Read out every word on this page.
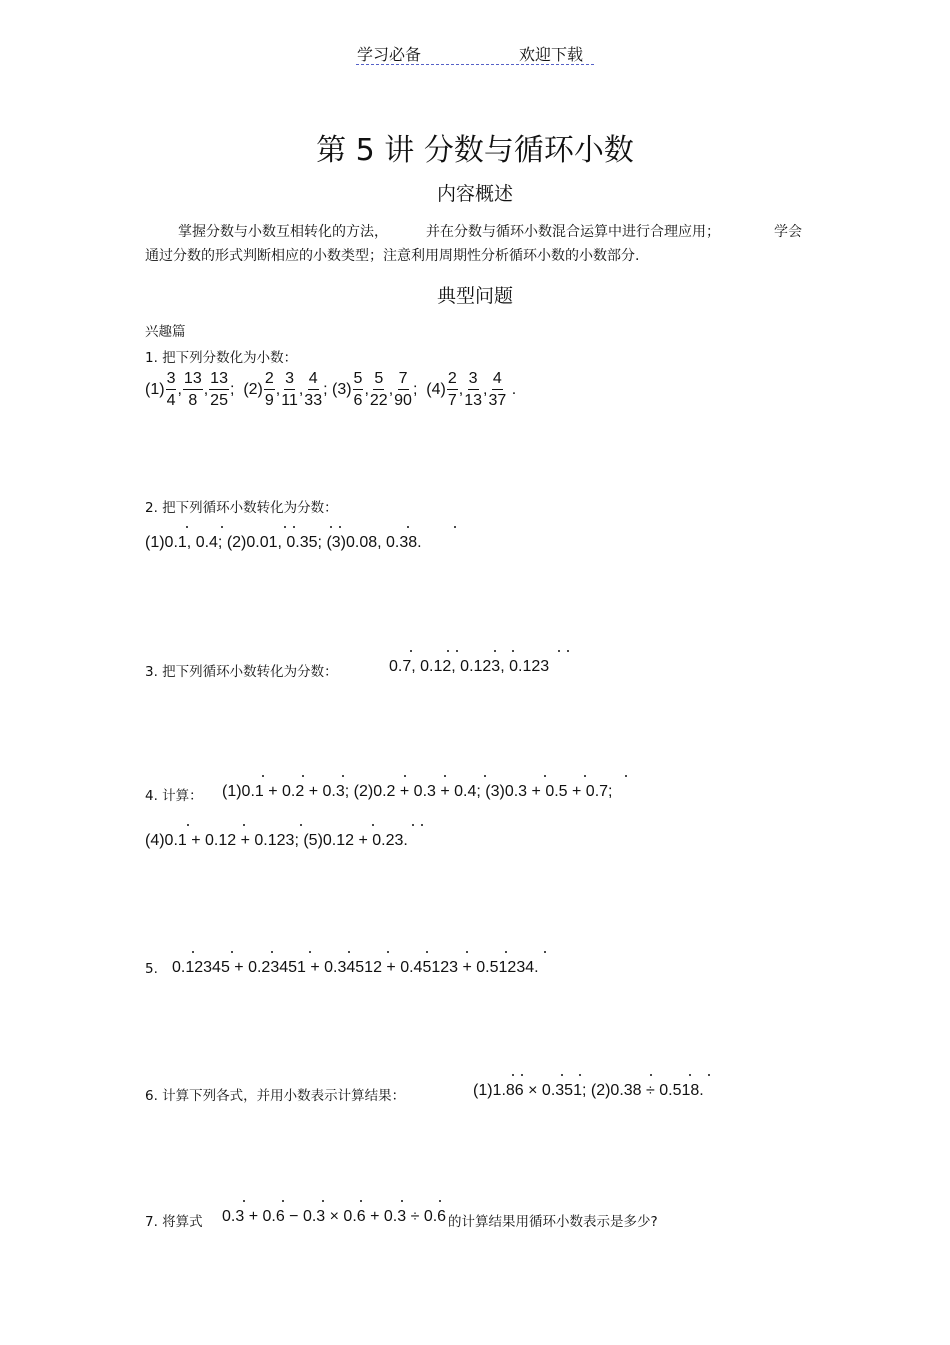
学习必备	欢迎下载
第 5 讲 分数与循环小数
内容概述
掌握分数与小数互相转化的方法，	并在分数与循环小数混合运算中进行合理应用；	学会
通过分数的形式判断相应的小数类型；注意利用周期性分析循环小数的小数部分.
典型问题
兴趣篇
1. 把下列分数化为小数：
$(1) \frac{3}{4}$ , $\frac{13}{8}$ , $\frac{13}{25}$ ; $(2) \frac{2}{9}$ , $\frac{3}{11}$ , $\frac{4}{33}$ ; $(3) \frac{5}{6}$ , $\frac{5}{22}$ , $\frac{7}{90}$ ; $(4) \frac{2}{7}$ , $\frac{3}{13}$ , $\frac{4}{37}$ .
2. 把下列循环小数转化为分数：
(1)0.1, 0.4; (2)0.01, 0.35; (3)0.08, 0.38.
3. 把下列循环小数转化为分数：	0.7, 0.12, 0.123, 0.123
4. 计算： (1)0.1 + 0.2 + 0.3; (2)0.2 + 0.3 + 0.4; (3)0.3 + 0.5 + 0.7;
(4)0.1 + 0.12 + 0.123; (5)0.12 + 0.23.
5. 0.12345 + 0.23451 + 0.34512 + 0.45123 + 0.51234.
6. 计算下列各式，并用小数表示计算结果：	(1)1.86 × 0.351; (2)0.38 ÷ 0.518.
7. 将算式 0.3 + 0.6 − 0.3 × 0.6 + 0.3 ÷ 0.6 的计算结果用循环小数表示是多少?
